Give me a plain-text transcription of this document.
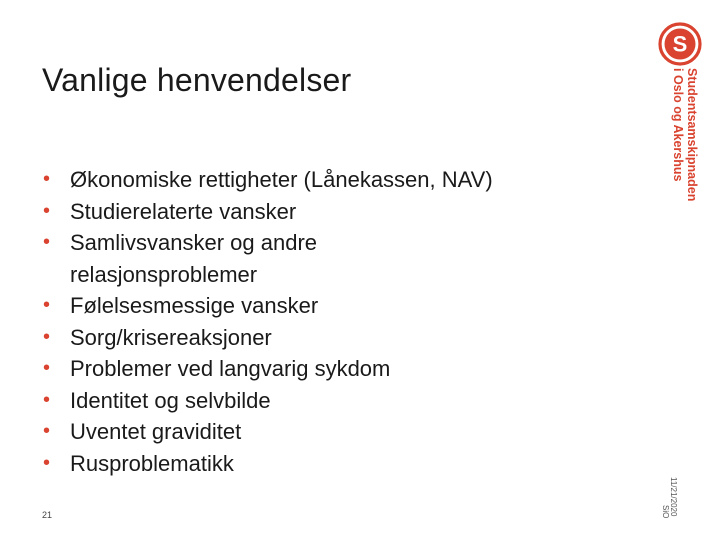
Vanlige henvendelser
• Økonomiske rettigheter (Lånekassen, NAV)
• Studierelaterte vansker
• Samlivsvansker og andre
relasjonsproblemer
• Følelsesmessige vansker
• Sorg/krisereaksjoner
• Problemer ved langvarig sykdom
• Identitet og selvbilde
• Uventet graviditet
• Rusproblematikk
S
Studentsamskipnaden
i Oslo og Akershus
11/21/2020
SiO
21
